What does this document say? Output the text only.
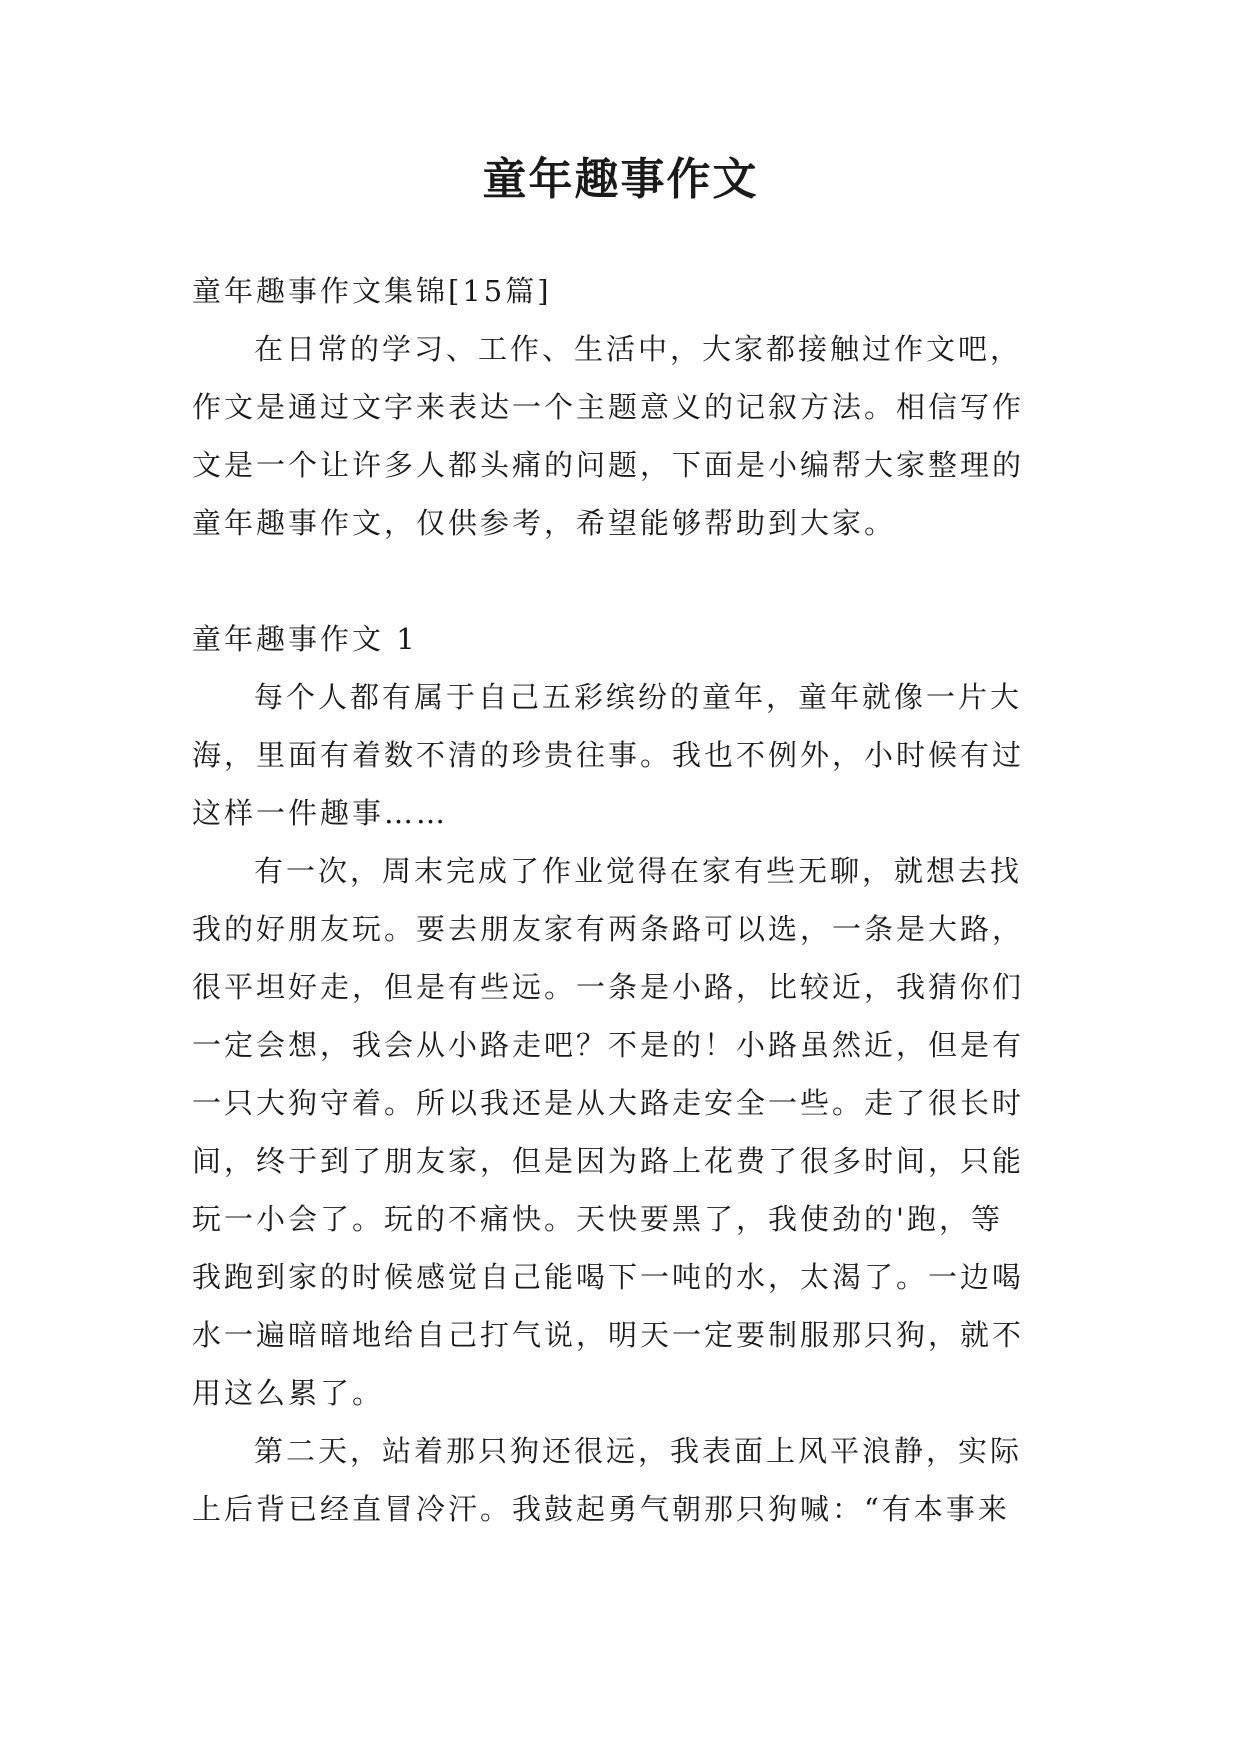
童年趣事作文

童年趣事作文集锦[15篇]

在日常的学习、工作、生活中，大家都接触过作文吧，

作文是通过文字来表达一个主题意义的记叙方法。相信写作

文是一个让许多人都头痛的问题，下面是小编帮大家整理的

童年趣事作文，仅供参考，希望能够帮助到大家。

童年趣事作文 1

每个人都有属于自己五彩缤纷的童年，童年就像一片大

海，里面有着数不清的珍贵往事。我也不例外，小时候有过

这样一件趣事……

有一次，周末完成了作业觉得在家有些无聊，就想去找

我的好朋友玩。要去朋友家有两条路可以选，一条是大路，

很平坦好走，但是有些远。一条是小路，比较近，我猜你们

一定会想，我会从小路走吧？不是的！小路虽然近，但是有

一只大狗守着。所以我还是从大路走安全一些。走了很长时

间，终于到了朋友家，但是因为路上花费了很多时间，只能

玩一小会了。玩的不痛快。天快要黑了，我使劲的'跑，等

我跑到家的时候感觉自己能喝下一吨的水，太渴了。一边喝

水一遍暗暗地给自己打气说，明天一定要制服那只狗，就不

用这么累了。

第二天，站着那只狗还很远，我表面上风平浪静，实际

上后背已经直冒冷汗。我鼓起勇气朝那只狗喊：“有本事来
